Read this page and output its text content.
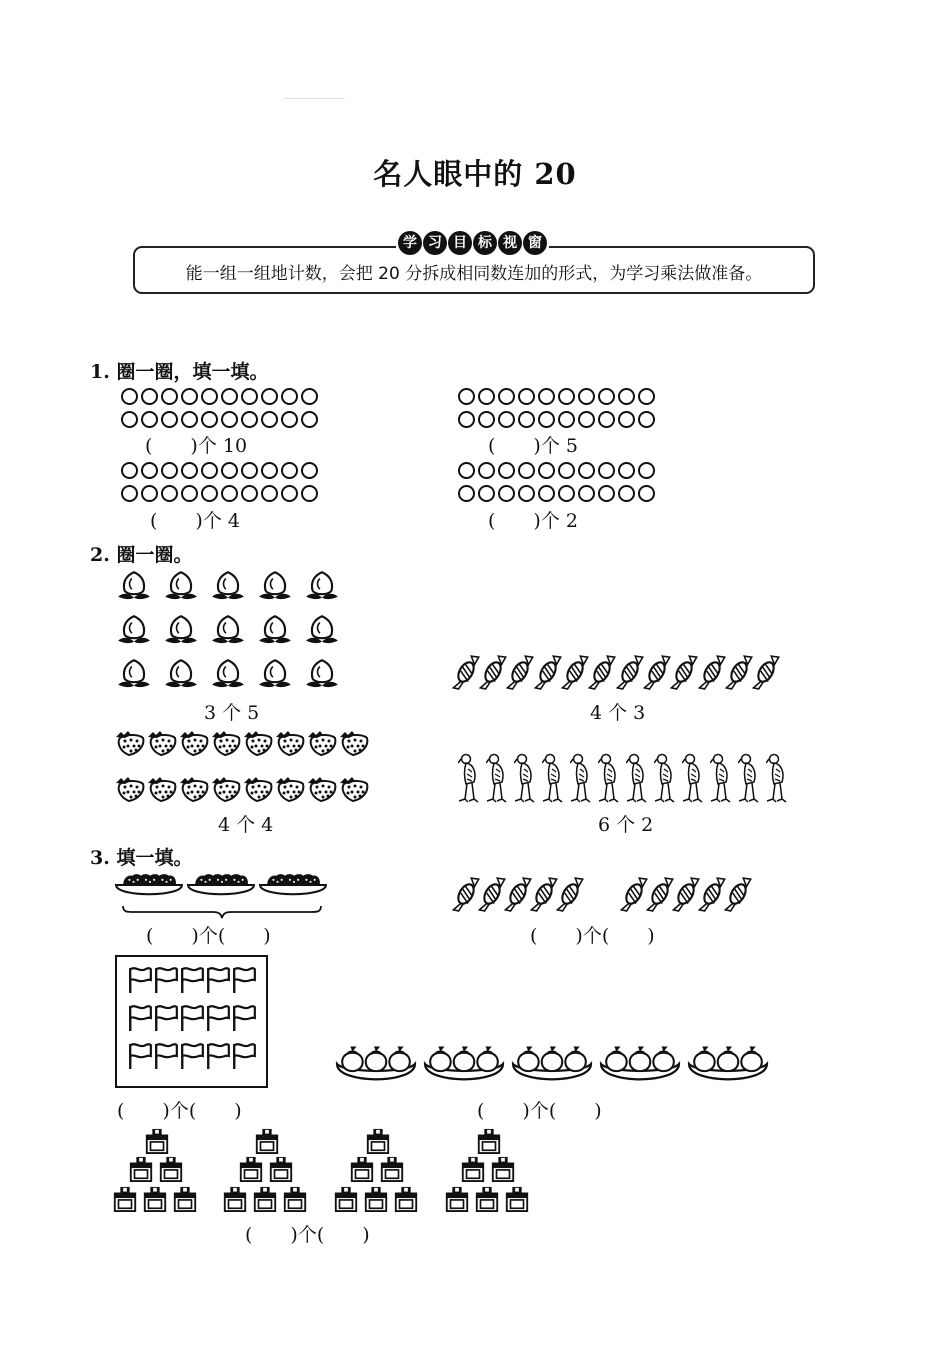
名人眼中的 20
学 习 目 标 视 窗
能一组一组地计数，会把 20 分拆成相同数连加的形式，为学习乘法做准备。
1. 圈一圈，填一填。
(　　)个 10	(　　)个 5
(　　)个 4	(　　)个 2
2. 圈一圈。
3 个 5	4 个 3
4 个 4	6 个 2
3. 填一填。
(　　)个(　　)	(　　)个(　　)
(　　)个(　　)	(　　)个(　　)
(　　)个(　　)
